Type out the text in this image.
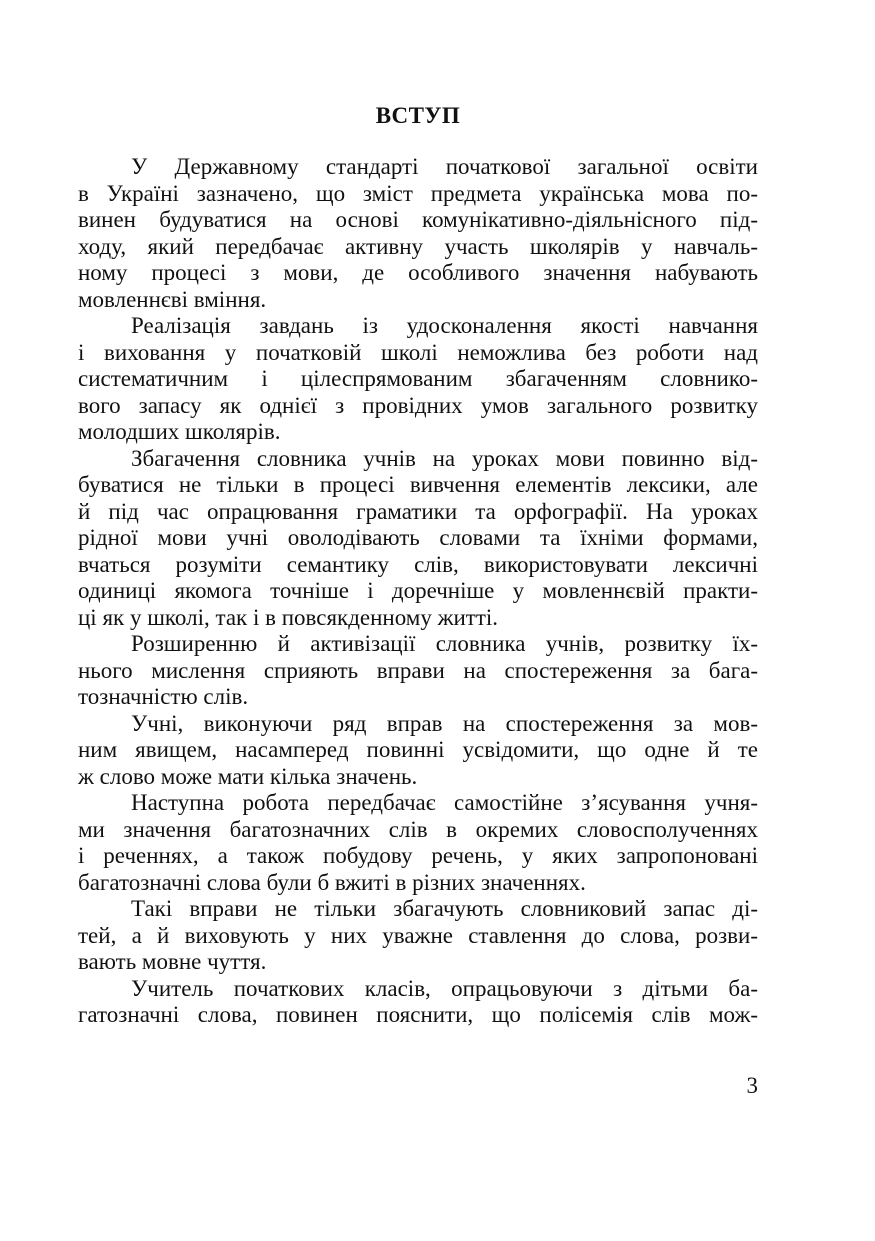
ВСТУП
У Державному стандарті початкової загальної освіти
в Україні зазначено, що зміст предмета українська мова по-
винен будуватися на основі комунікативно-діяльнісного під-
ходу, який передбачає активну участь школярів у навчаль-
ному процесі з мови, де особливого значення набувають
мовленнєві вміння.
Реалізація завдань із удосконалення якості навчання
і виховання у початковій школі неможлива без роботи над
систематичним і цілеспрямованим збагаченням словнико-
вого запасу як однієї з провідних умов загального розвитку
молодших школярів.
Збагачення словника учнів на уроках мови повинно від-
буватися не тільки в процесі вивчення елементів лексики, але
й під час опрацювання граматики та орфографії. На уроках
рідної мови учні оволодівають словами та їхніми формами,
вчаться розуміти семантику слів, використовувати лексичні
одиниці якомога точніше і доречніше у мовленнєвій практи-
ці як у школі, так і в повсякденному житті.
Розширенню й активізації словника учнів, розвитку їх-
нього мислення сприяють вправи на спостереження за бага-
тозначністю слів.
Учні, виконуючи ряд вправ на спостереження за мов-
ним явищем, насамперед повинні усвідомити, що одне й те
ж слово може мати кілька значень.
Наступна робота передбачає самостійне з’ясування учня-
ми значення багатозначних слів в окремих словосполученнях
і реченнях, а також побудову речень, у яких запропоновані
багатозначні слова були б вжиті в різних значеннях.
Такі вправи не тільки збагачують словниковий запас ді-
тей, а й виховують у них уважне ставлення до слова, розви-
вають мовне чуття.
Учитель початкових класів, опрацьовуючи з дітьми ба-
гатозначні слова, повинен пояснити, що полісемія слів мож-
3
